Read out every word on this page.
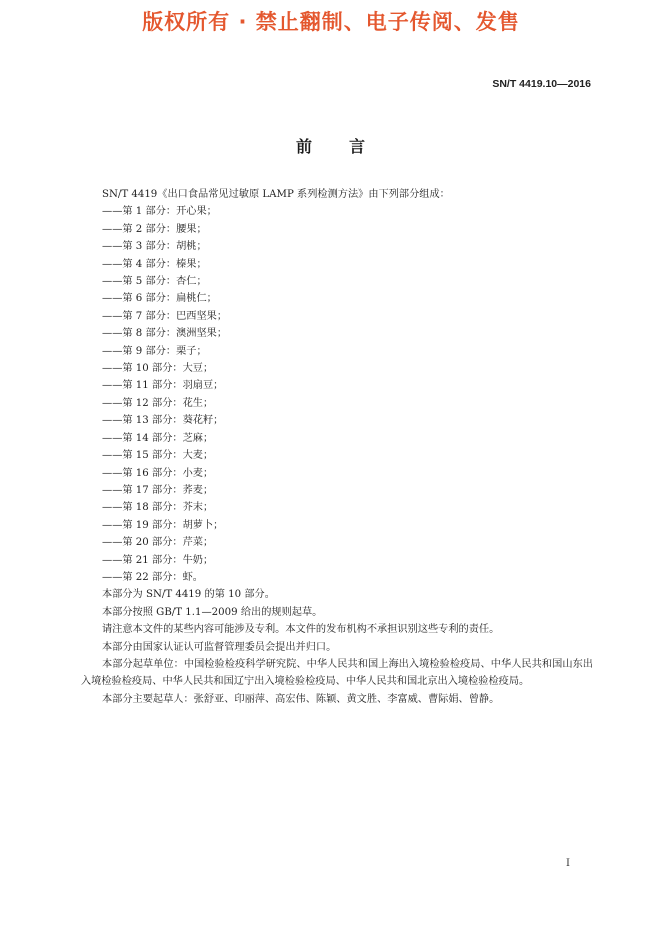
版权所有 · 禁止翻制、电子传阅、发售
SN/T 4419.10—2016
前 言
SN/T 4419《出口食品常见过敏原 LAMP 系列检测方法》由下列部分组成：
——第 1 部分：开心果；
——第 2 部分：腰果；
——第 3 部分：胡桃；
——第 4 部分：榛果；
——第 5 部分：杏仁；
——第 6 部分：扁桃仁；
——第 7 部分：巴西坚果；
——第 8 部分：澳洲坚果；
——第 9 部分：栗子；
——第 10 部分：大豆；
——第 11 部分：羽扇豆；
——第 12 部分：花生；
——第 13 部分：葵花籽；
——第 14 部分：芝麻；
——第 15 部分：大麦；
——第 16 部分：小麦；
——第 17 部分：荞麦；
——第 18 部分：芥末；
——第 19 部分：胡萝卜；
——第 20 部分：芹菜；
——第 21 部分：牛奶；
——第 22 部分：虾。
本部分为 SN/T 4419 的第 10 部分。
本部分按照 GB/T 1.1—2009 给出的规则起草。
请注意本文件的某些内容可能涉及专利。本文件的发布机构不承担识别这些专利的责任。
本部分由国家认证认可监督管理委员会提出并归口。
本部分起草单位：中国检验检疫科学研究院、中华人民共和国上海出入境检验检疫局、中华人民共和国山东出入境检验检疫局、中华人民共和国辽宁出入境检验检疫局、中华人民共和国北京出入境检验检疫局。
本部分主要起草人：张舒亚、印丽萍、高宏伟、陈颖、黄文胜、李富威、曹际娟、曾静。
I
